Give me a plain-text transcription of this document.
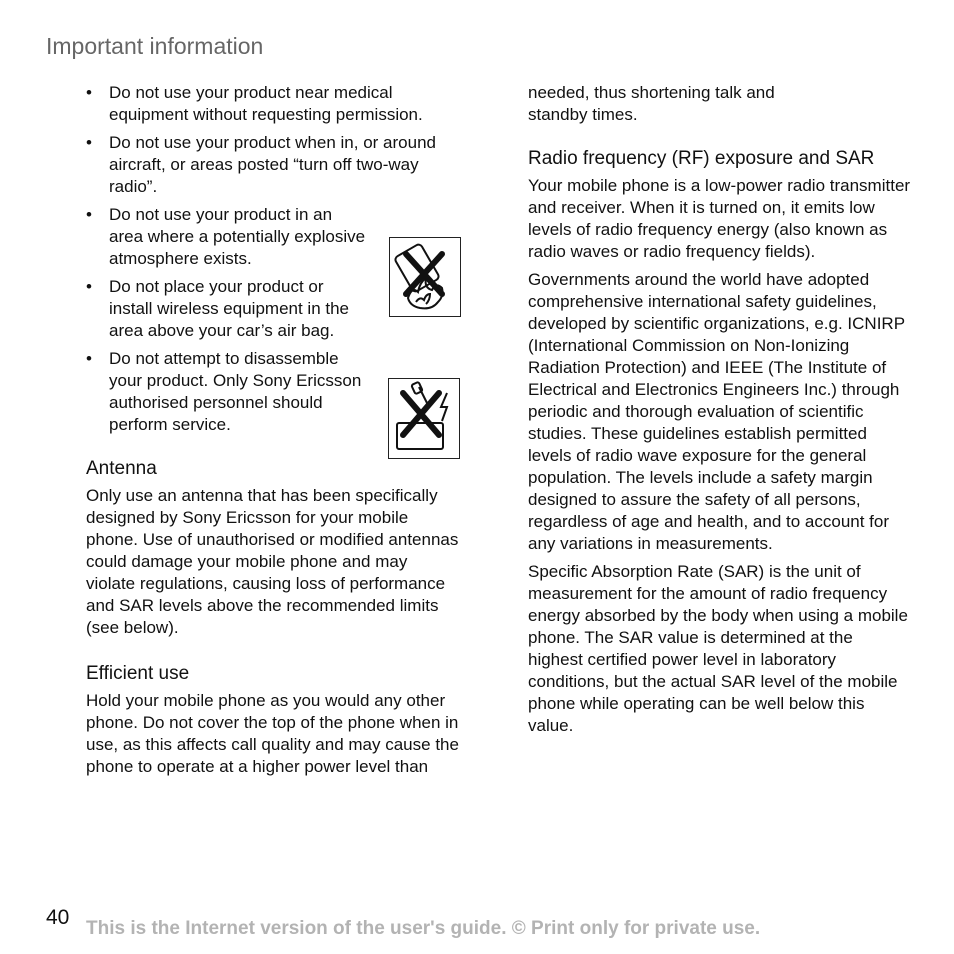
Important information
• Do not use your product near medical equipment without requesting permission.
• Do not use your product when in, or around aircraft, or areas posted “turn off two-way radio”.
• Do not use your product in an area where a potentially explosive atmosphere exists.
• Do not place your product or install wireless equipment in the area above your car’s air bag.
• Do not attempt to disassemble your product. Only Sony Ericsson authorised personnel should perform service.
Antenna

Only use an antenna that has been specifically designed by Sony Ericsson for your mobile phone. Use of unauthorised or modified antennas could damage your mobile phone and may violate regulations, causing loss of performance and SAR levels above the recommended limits (see below).

Efficient use

Hold your mobile phone as you would any other phone. Do not cover the top of the phone when in use, as this affects call quality and may cause the phone to operate at a higher power level than

needed, thus shortening talk and standby times.

Radio frequency (RF) exposure and SAR

Your mobile phone is a low-power radio transmitter and receiver. When it is turned on, it emits low levels of radio frequency energy (also known as radio waves or radio frequency fields).

Governments around the world have adopted comprehensive international safety guidelines, developed by scientific organizations, e.g. ICNIRP (International Commission on Non-Ionizing Radiation Protection) and IEEE (The Institute of Electrical and Electronics Engineers Inc.) through periodic and thorough evaluation of scientific studies. These guidelines establish permitted levels of radio wave exposure for the general population. The levels include a safety margin designed to assure the safety of all persons, regardless of age and health, and to account for any variations in measurements.

Specific Absorption Rate (SAR) is the unit of measurement for the amount of radio frequency energy absorbed by the body when using a mobile phone. The SAR value is determined at the highest certified power level in laboratory conditions, but the actual SAR level of the mobile phone while operating can be well below this value.

40 This is the Internet version of the user's guide. © Print only for private use.
